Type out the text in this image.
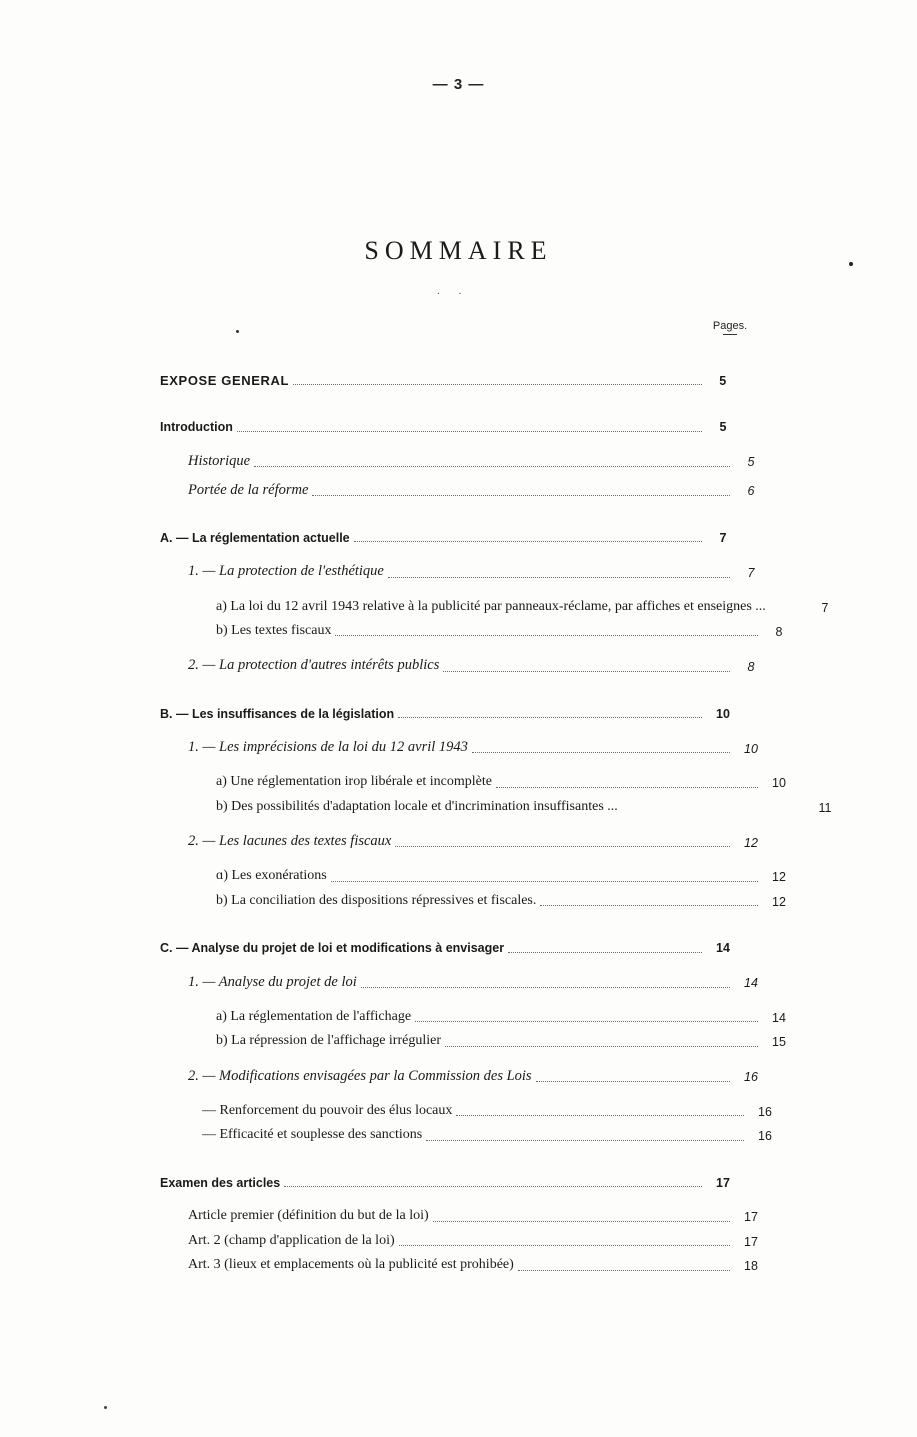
— 3 —
SOMMAIRE
. .
Pages.
EXPOSE GENERAL	5
Introduction	5
Historique	5
Portée de la réforme	6
A. — La réglementation actuelle	7
1. — La protection de l'esthétique	7
a) La loi du 12 avril 1943 relative à la publicité par panneaux-réclame, par affiches et enseignes ...	7
b) Les textes fiscaux	8
2. — La protection d'autres intérêts publics	8
B. — Les insuffisances de la législation	10
1. — Les imprécisions de la loi du 12 avril 1943	10
a) Une réglementation irop libérale et incomplète	10
b) Des possibilités d'adaptation locale et d'incrimination insuffisantes ...	11
2. — Les lacunes des textes fiscaux	12
ɑ) Les exonérations	12
b) La conciliation des dispositions répressives et fiscales.	12
C. — Analyse du projet de loi et modifications à envisager	14
1. — Analyse du projet de loi	14
a) La réglementation de l'affichage	14
b) La répression de l'affichage irrégulier	15
2. — Modifications envisagées par la Commission des Lois	16
— Renforcement du pouvoir des élus locaux	16
— Efficacité et souplesse des sanctions	16
Examen des articles	17
Article premier (définition du but de la loi)	17
Art. 2 (champ d'application de la loi)	17
Art. 3 (lieux et emplacements où la publicité est prohibée)	18
